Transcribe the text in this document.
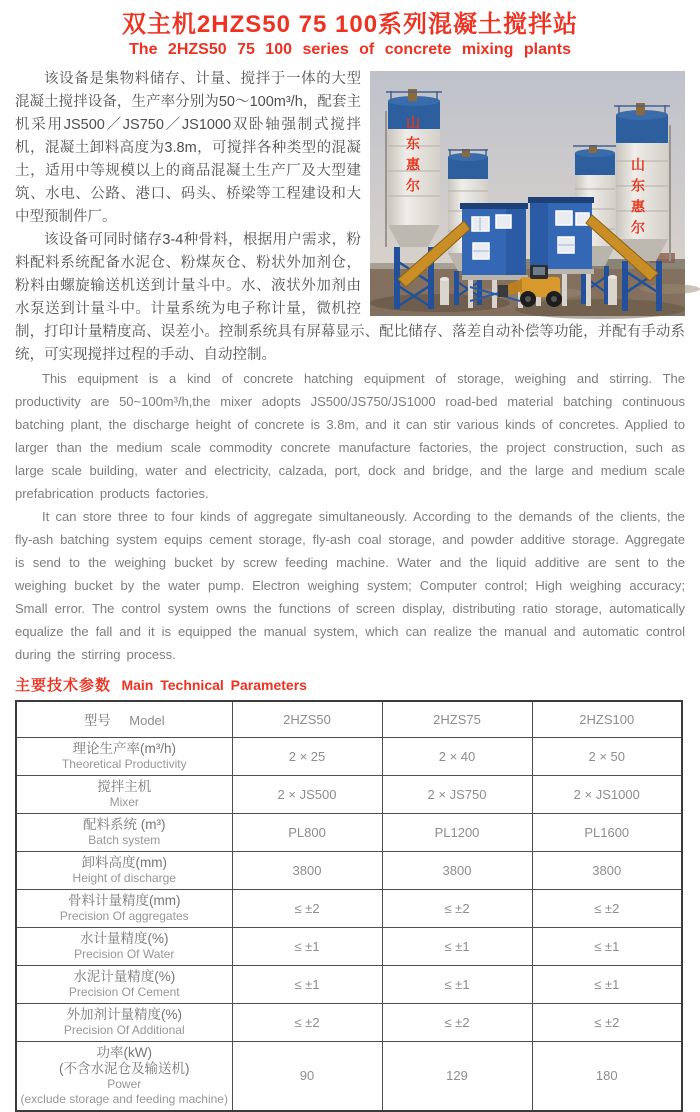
双主机2HZS50 75 100系列混凝土搅拌站
The 2HZS50 75 100 series of concrete mixing plants
山东惠尔	山东惠尔

该设备是集物料储存、计量、搅拌于一体的大型混凝土搅拌设备，生产率分别为50～100m³/h，配套主机采用JS500／JS750／JS1000双卧轴强制式搅拌机，混凝土卸料高度为3.8m，可搅拌各种类型的混凝土，适用中等规模以上的商品混凝土生产厂及大型建筑、水电、公路、港口、码头、桥梁等工程建设和大中型预制件厂。

该设备可同时储存3-4种骨料，根据用户需求，粉料配料系统配备水泥仓、粉煤灰仓、粉状外加剂仓，粉料由螺旋输送机送到计量斗中。水、液状外加剂由水泵送到计量斗中。计量系统为电子称计量，微机控制，打印计量精度高、误差小。控制系统具有屏幕显示、配比储存、落差自动补偿等功能，并配有手动系统，可实现搅拌过程的手动、自动控制。

This equipment is a kind of concrete hatching equipment of storage, weighing and stirring. The productivity are 50~100m³/h,the mixer adopts JS500/JS750/JS1000 road-bed material batching continuous batching plant, the discharge height of concrete is 3.8m, and it can stir various kinds of concretes. Applied to larger than the medium scale commodity concrete manufacture factories, the project construction, such as large scale building, water and electricity, calzada, port, dock and bridge, and the large and medium scale prefabrication products factories.

It can store three to four kinds of aggregate simultaneously. According to the demands of the clients, the fly-ash batching system equips cement storage, fly-ash coal storage, and powder additive storage. Aggregate is send to the weighing bucket by screw feeding machine. Water and the liquid additive are sent to the weighing bucket by the water pump. Electron weighing system; Computer control; High weighing accuracy; Small error. The control system owns the functions of screen display, distributing ratio storage, automatically equalize the fall and it is equipped the manual system, which can realize the manual and automatic control during the stirring process.

主要技术参数 Main Technical Parameters
型号 Model	2HZS50	2HZS75	2HZS100

理论生产率(m³/h)
Theoretical Productivity	2 × 25	2 × 40	2 × 50

搅拌主机
Mixer	2 × JS500	2 × JS750	2 × JS1000

配料系统 (m³)
Batch system	PL800	PL1200	PL1600

卸料高度(mm)
Height of discharge	3800	3800	3800

骨料计量精度(mm)
Precision Of aggregates	≤ ±2	≤ ±2	≤ ±2

水计量精度(%)
Precision Of Water	≤ ±1	≤ ±1	≤ ±1

水泥计量精度(%)
Precision Of Cement	≤ ±1	≤ ±1	≤ ±1

外加剂计量精度(%)
Precision Of Additional	≤ ±2	≤ ±2	≤ ±2

功率(kW)
(不含水泥仓及输送机)
Power
(exclude storage and feeding machine)	90	129	180
